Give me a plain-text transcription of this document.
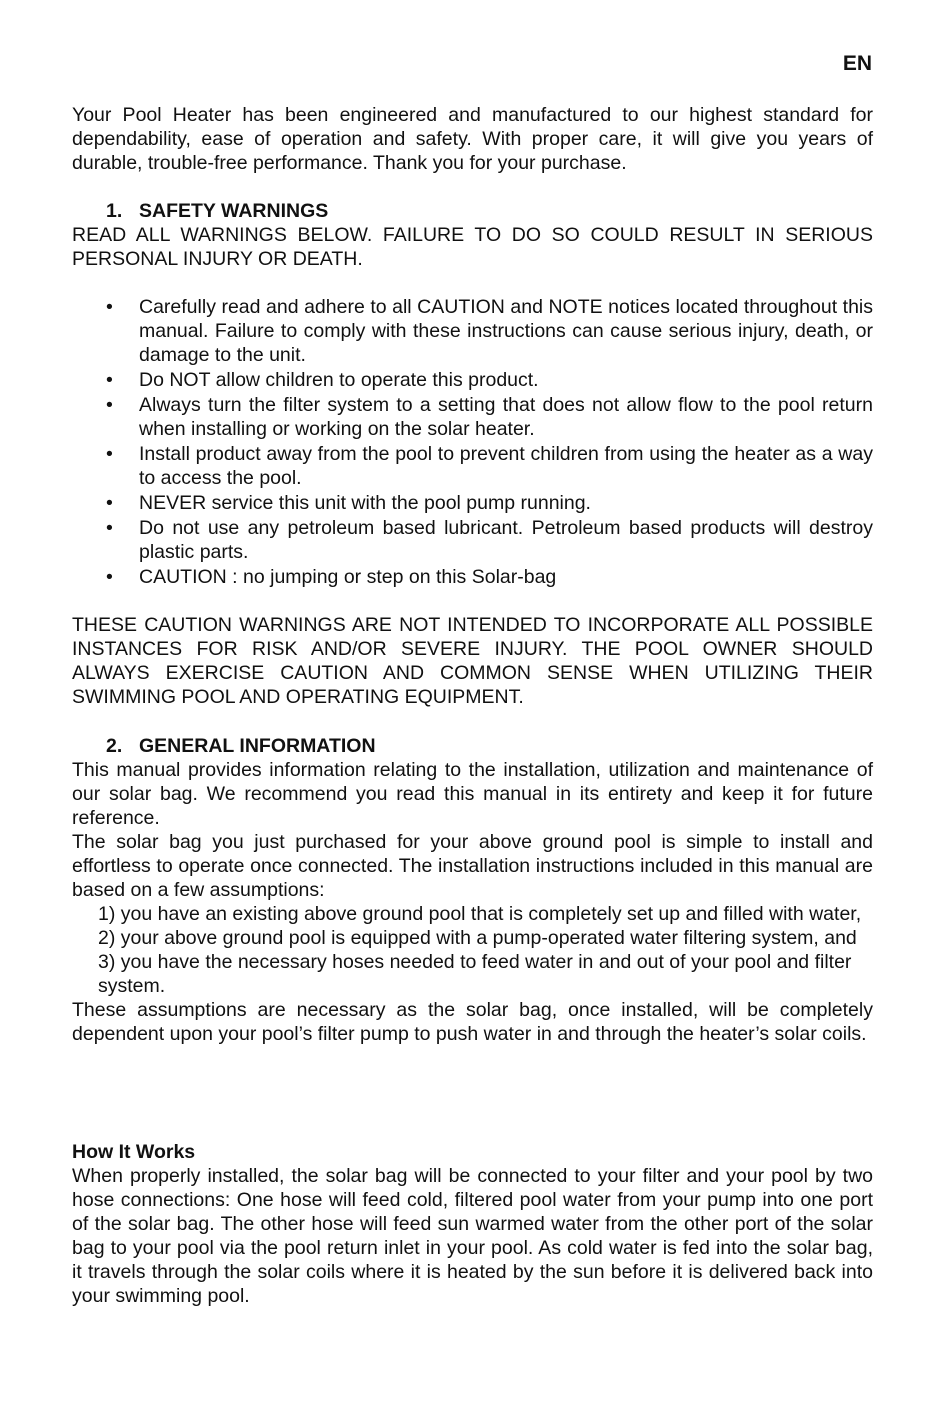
EN

Your Pool Heater has been engineered and manufactured to our highest standard for dependability, ease of operation and safety. With proper care, it will give you years of durable, trouble-free performance. Thank you for your purchase.

1. SAFETY WARNINGS

READ ALL WARNINGS BELOW. FAILURE TO DO SO COULD RESULT IN SERIOUS PERSONAL INJURY OR DEATH.

• Carefully read and adhere to all CAUTION and NOTE notices located throughout this manual. Failure to comply with these instructions can cause serious injury, death, or damage to the unit.
• Do NOT allow children to operate this product.
• Always turn the filter system to a setting that does not allow flow to the pool return when installing or working on the solar heater.
• Install product away from the pool to prevent children from using the heater as a way to access the pool.
• NEVER service this unit with the pool pump running.
• Do not use any petroleum based lubricant. Petroleum based products will destroy plastic parts.
• CAUTION : no jumping or step on this Solar-bag

THESE CAUTION WARNINGS ARE NOT INTENDED TO INCORPORATE ALL POSSIBLE INSTANCES FOR RISK AND/OR SEVERE INJURY. THE POOL OWNER SHOULD ALWAYS EXERCISE CAUTION AND COMMON SENSE WHEN UTILIZING THEIR SWIMMING POOL AND OPERATING EQUIPMENT.

2. GENERAL INFORMATION

This manual provides information relating to the installation, utilization and maintenance of our solar bag. We recommend you read this manual in its entirety and keep it for future reference.

The solar bag you just purchased for your above ground pool is simple to install and effortless to operate once connected. The installation instructions included in this manual are based on a few assumptions:

1) you have an existing above ground pool that is completely set up and filled with water,
2) your above ground pool is equipped with a pump-operated water filtering system, and
3) you have the necessary hoses needed to feed water in and out of your pool and filter system.

These assumptions are necessary as the solar bag, once installed, will be completely dependent upon your pool’s filter pump to push water in and through the heater’s solar coils.

How It Works

When properly installed, the solar bag will be connected to your filter and your pool by two hose connections: One hose will feed cold, filtered pool water from your pump into one port of the solar bag. The other hose will feed sun warmed water from the other port of the solar bag to your pool via the pool return inlet in your pool. As cold water is fed into the solar bag, it travels through the solar coils where it is heated by the sun before it is delivered back into your swimming pool.
